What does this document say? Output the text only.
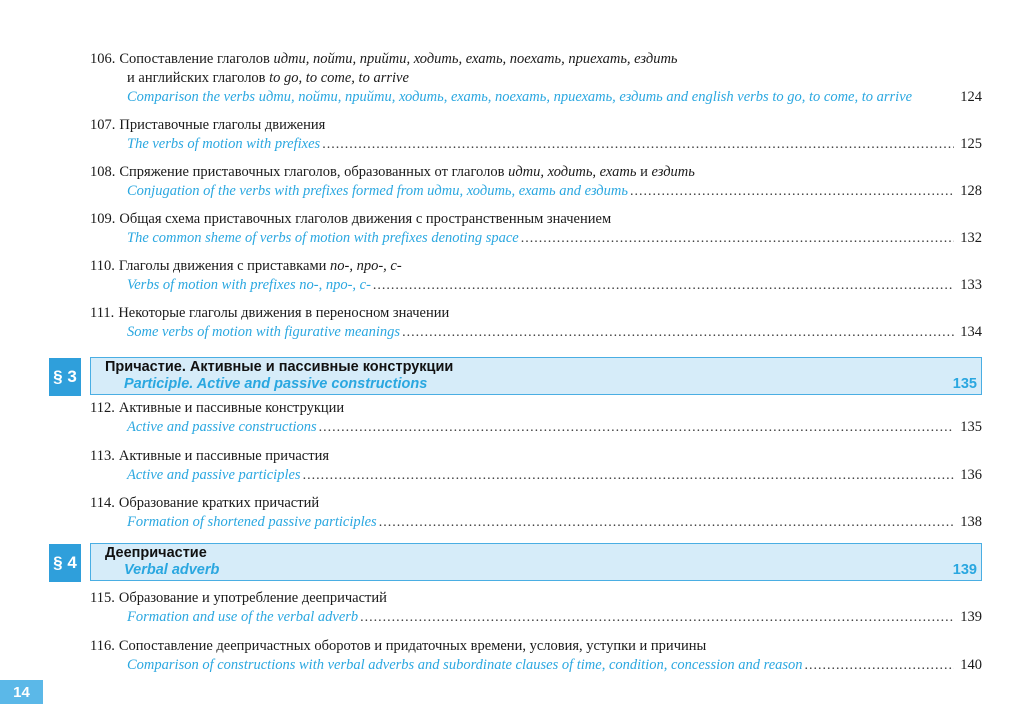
106. Сопоставление глаголов идти, пойти, прийти, ходить, ехать, поехать, приехать, ездить
и английских глаголов to go, to come, to arrive
Comparison the verbs идти, пойти, прийти, ходить, ехать, поехать, приехать, ездить and english verbs to go, to come, to arrive	124
107. Приставочные глаголы движения
The verbs of motion with prefixes .....	125
108. Спряжение приставочных глаголов, образованных от глаголов идти, ходить, ехать и ездить
Conjugation of the verbs with prefixes formed from идти, ходить, ехать and ездить .....	128
109. Общая схема приставочных глаголов движения с пространственным значением
The common sheme of verbs of motion with prefixes denoting space .....	132
110. Глаголы движения с приставками по-, про-, с-
Verbs of motion with prefixes по-, про-, с- .....	133
111. Некоторые глаголы движения в переносном значении
Some verbs of motion with figurative meanings .....	134
§ 3 Причастие. Активные и пассивные конструкции
Participle. Active and passive constructions	135
112. Активные и пассивные конструкции
Active and passive constructions .....	135
113. Активные и пассивные причастия
Active and passive participles .....	136
114. Образование кратких причастий
Formation of shortened passive participles .....	138
§ 4 Деепричастие
Verbal adverb	139
115. Образование и употребление деепричастий
Formation and use of the verbal adverb .....	139
116. Сопоставление деепричастных оборотов и придаточных времени, условия, уступки и причины
Comparison of constructions with verbal adverbs and subordinate clauses of time, condition, concession and reason .....	140
14
